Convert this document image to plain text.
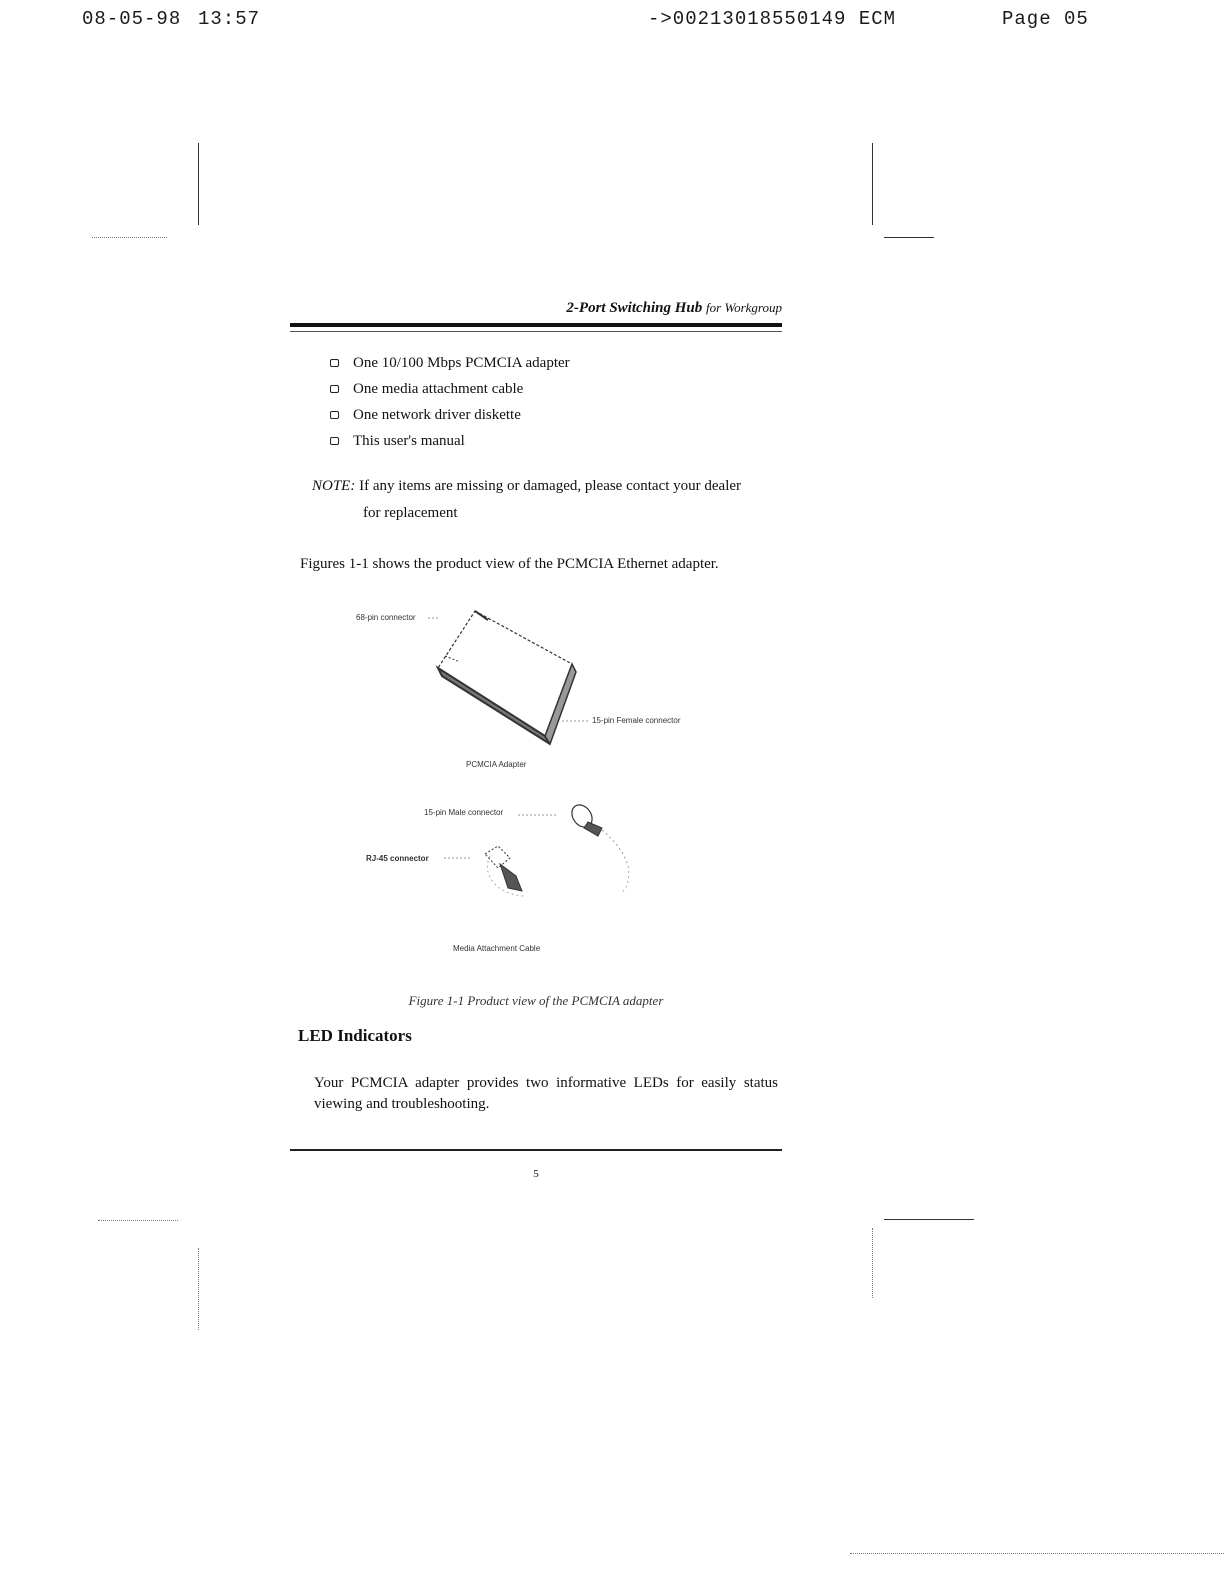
08-05-98 13:57	->00213018550149 ECM	Page 05
2-Port Switching Hub for Workgroup
One 10/100 Mbps PCMCIA adapter
One media attachment cable
One network driver diskette
This user's manual
NOTE: If any items are missing or damaged, please contact your dealer
for replacement
Figures 1-1 shows the product view of the PCMCIA Ethernet adapter.
68-pin connector
15-pin Female connector
PCMCIA Adapter
15-pin Male connector
RJ-45 connector
Media Attachment Cable
Figure 1-1 Product view of the PCMCIA adapter
LED Indicators
Your PCMCIA adapter provides two informative LEDs for easily status viewing and troubleshooting.
5
